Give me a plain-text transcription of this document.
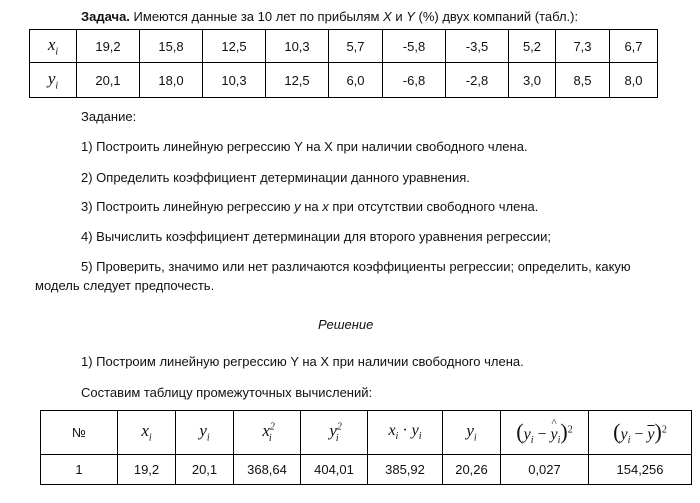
Задача. Имеются данные за 10 лет по прибылям X и Y (%) двух компаний (табл.):
$x_i$	19,2	15,8	12,5	10,3	5,7	-5,8	-3,5	5,2	7,3	6,7
$y_i$	20,1	18,0	10,3	12,5	6,0	-6,8	-2,8	3,0	8,5	8,0
Задание:
1) Построить линейную регрессию Y на X при наличии свободного члена.
2) Определить коэффициент детерминации данного уравнения.
3) Построить линейную регрессию y на x при отсутствии свободного члена.
4) Вычислить коэффициент детерминации для второго уравнения регрессии;
5) Проверить, значимо или нет различаются коэффициенты регрессии; определить, какую
модель следует предпочесть.
Решение
1) Построим линейную регрессию Y на X при наличии свободного члена.
Составим таблицу промежуточных вычислений:
№	$x_i$	$y_i$	$x^2_i$	$y^2_i$	$x_i \cdot y_i$	$y_i$	($y_i$ − ^ $y_i)^2$	$(y_i - \overline{y})^2$
1	19,2	20,1	368,64	404,01	385,92	20,26	0,027	154,256
